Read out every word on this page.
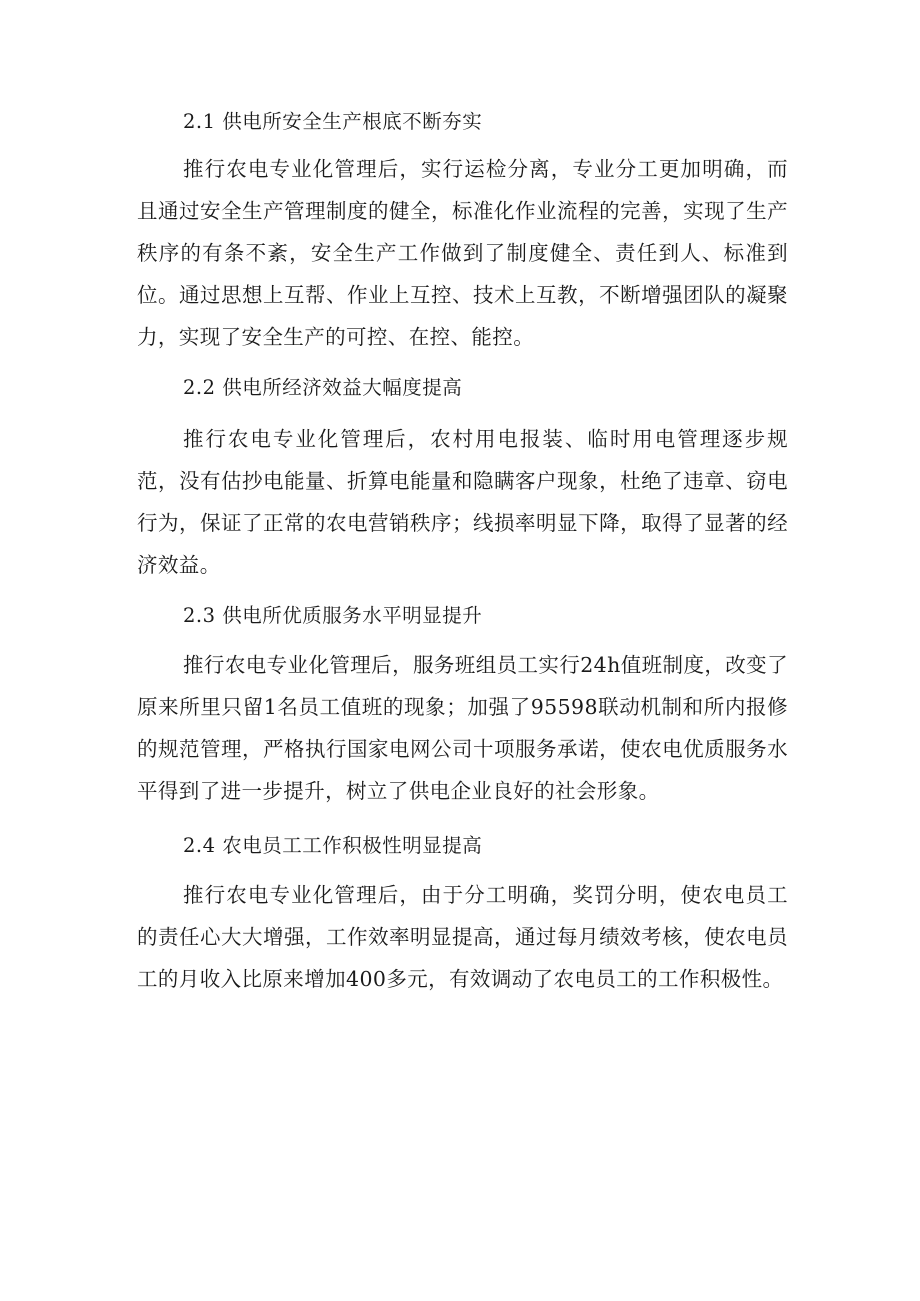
2.1 供电所安全生产根底不断夯实

推行农电专业化管理后，实行运检分离，专业分工更加明确，而且通过安全生产管理制度的健全，标准化作业流程的完善，实现了生产秩序的有条不紊，安全生产工作做到了制度健全、责任到人、标准到位。通过思想上互帮、作业上互控、技术上互教，不断增强团队的凝聚力，实现了安全生产的可控、在控、能控。

2.2 供电所经济效益大幅度提高

推行农电专业化管理后，农村用电报装、临时用电管理逐步规范，没有估抄电能量、折算电能量和隐瞒客户现象，杜绝了违章、窃电行为，保证了正常的农电营销秩序；线损率明显下降，取得了显著的经济效益。

2.3 供电所优质服务水平明显提升

推行农电专业化管理后，服务班组员工实行24h值班制度，改变了原来所里只留1名员工值班的现象；加强了95598联动机制和所内报修的规范管理，严格执行国家电网公司十项服务承诺，使农电优质服务水平得到了进一步提升，树立了供电企业良好的社会形象。

2.4 农电员工工作积极性明显提高

推行农电专业化管理后，由于分工明确，奖罚分明，使农电员工的责任心大大增强，工作效率明显提高，通过每月绩效考核，使农电员工的月收入比原来增加400多元，有效调动了农电员工的工作积极性。
